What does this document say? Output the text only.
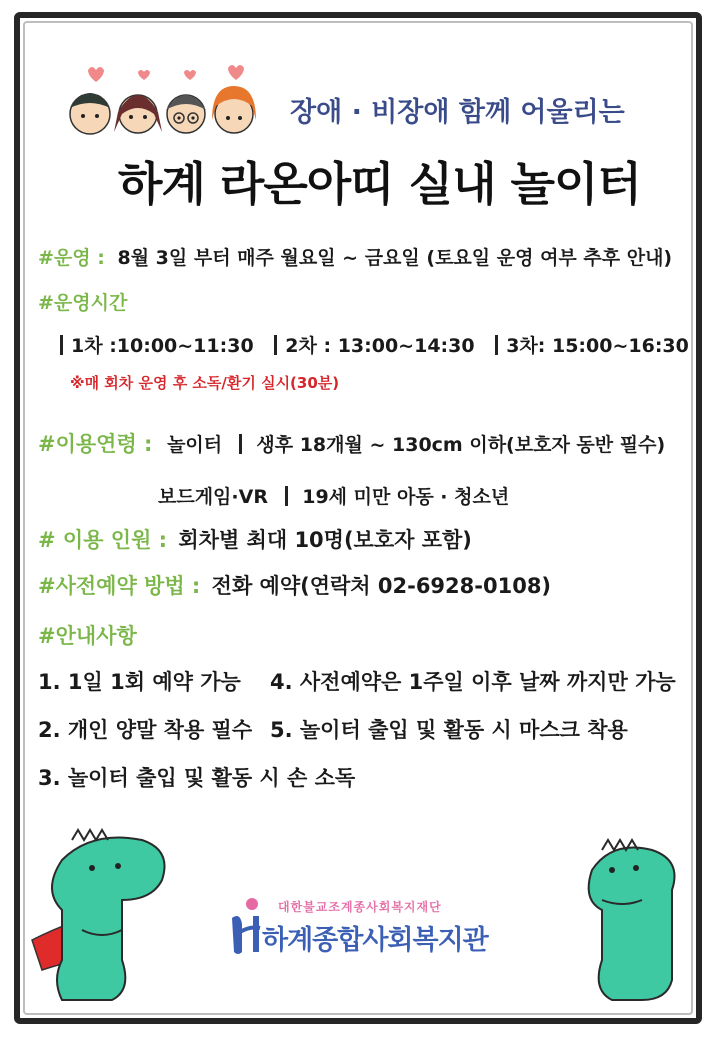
장애 · 비장애 함께 어울리는
하계 라온아띠 실내 놀이터
#운영 : 8월 3일 부터 매주 월요일 ~ 금요일 (토요일 운영 여부 추후 안내)
#운영시간
1차 :10:00~11:30 2차 : 13:00~14:30 3차: 15:00~16:30
※매 회차 운영 후 소독/환기 실시(30분)
#이용연령 : 놀이터 생후 18개월 ~ 130cm 이하(보호자 동반 필수)
보드게임·VR 19세 미만 아동 · 청소년
# 이용 인원 : 회차별 최대 10명(보호자 포함)
#사전예약 방법 : 전화 예약(연락처 02-6928-0108)
#안내사항
1. 1일 1회 예약 가능 4. 사전예약은 1주일 이후 날짜 까지만 가능
2. 개인 양말 착용 필수 5. 놀이터 출입 및 활동 시 마스크 착용
3. 놀이터 출입 및 활동 시 손 소독
대한불교조계종사회복지재단
하계종합사회복지관
